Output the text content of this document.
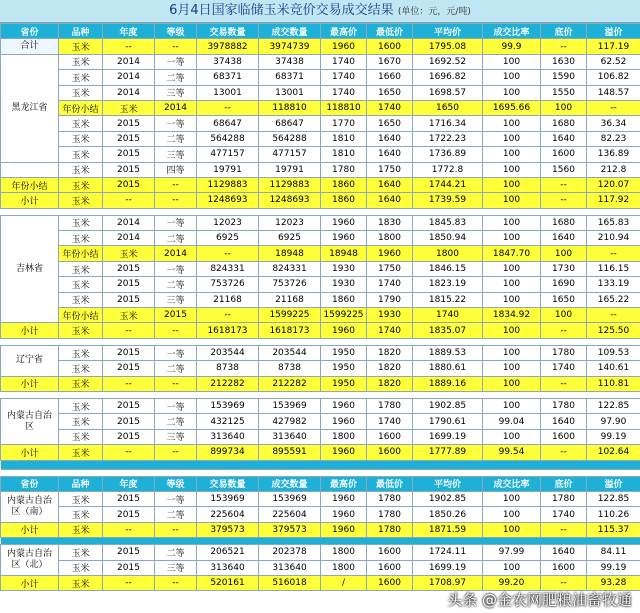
6月4日国家临储玉米竞价交易成交结果 (单位：元，元/吨)
省份	品种	年度	等级	交易数量	成交数量	最高价	最低价	平均价	成交比率	底价	溢价	
合计	玉米	--	--	3978882	3974739	1960	1600	1795.08	99.9	--	117.19	
黑龙江省	玉米	2014	一等	37438	37438	1740	1670	1692.52	100	1630	62.52	
	玉米	2014	二等	68371	68371	1740	1660	1696.82	100	1590	106.82	
	玉米	2014	三等	13001	13001	1740	1650	1698.57	100	1550	148.57	
	年份小结	玉米	2014	--	118810	118810	1740	1650	1695.66	100	--	
	玉米	2015	一等	68647	68647	1770	1650	1716.34	100	1680	36.34	
	玉米	2015	二等	564288	564288	1810	1640	1722.23	100	1640	82.23	
	玉米	2015	三等	477157	477157	1810	1640	1736.89	100	1600	136.89	
	玉米	2015	四等	19791	19791	1780	1750	1772.8	100	1560	212.8	
年份小结	玉米	2015	--	1129883	1129883	1860	1640	1744.21	100	--	120.07	
小计	玉米	--	--	1248693	1248693	1860	1640	1739.59	100	--	117.92	

吉林省	玉米	2014	一等	12023	12023	1960	1830	1845.83	100	1680	165.83	
	玉米	2014	二等	6925	6925	1960	1800	1850.94	100	1640	210.94	
	年份小结	玉米	2014	--	18948	18948	1960	1800	1847.70	100	--	
	玉米	2015	一等	824331	824331	1930	1750	1846.15	100	1730	116.15	
	玉米	2015	二等	753726	753726	1930	1740	1823.19	100	1690	133.19	
	玉米	2015	三等	21168	21168	1860	1790	1815.22	100	1650	165.22	
	年份小结	玉米	2015	--	1599225	1599225	1930	1740	1834.92	100	--	
小计	玉米	--	--	1618173	1618173	1960	1740	1835.07	100	--	125.50	

辽宁省	玉米	2015	一等	203544	203544	1950	1820	1889.53	100	1780	109.53	
	玉米	2015	二等	8738	8738	1950	1820	1880.61	100	1740	140.61	
小计	玉米	--	--	212282	212282	1950	1820	1889.16	100	--	110.81	

内蒙古自治区	玉米	2015	一等	153969	153969	1960	1780	1902.85	100	1780	122.85	
	玉米	2015	二等	432125	427982	1960	1740	1790.61	99.04	1640	97.90	
	玉米	2015	三等	313640	313640	1800	1600	1699.19	100	1600	99.19	
小计	玉米	--	--	899734	895591	1960	1600	1777.89	99.54	--	102.64	

省份	品种	年度	等级	交易数量	成交数量	最高价	最低价	平均价	成交比率	底价	溢价	
内蒙古自治区（南）	玉米	2015	一等	153969	153969	1960	1780	1902.85	100	1780	122.85	
	玉米	2015	二等	225604	225604	1960	1780	1850.26	100	1740	110.26	
小计	玉米	--	--	379573	379573	1960	1780	1871.59	100	--	115.37	

内蒙古自治区（北）	玉米	2015	二等	206521	202378	1800	1600	1724.11	97.99	1640	84.11	
	玉米	2015	三等	313640	313640	1800	1600	1699.19	100	1600	99.19	
小计	玉米	--	--	520161	516018	/	1600	1708.97	99.20	--	93.28	
头条 @金农网肥粮油畜牧通
